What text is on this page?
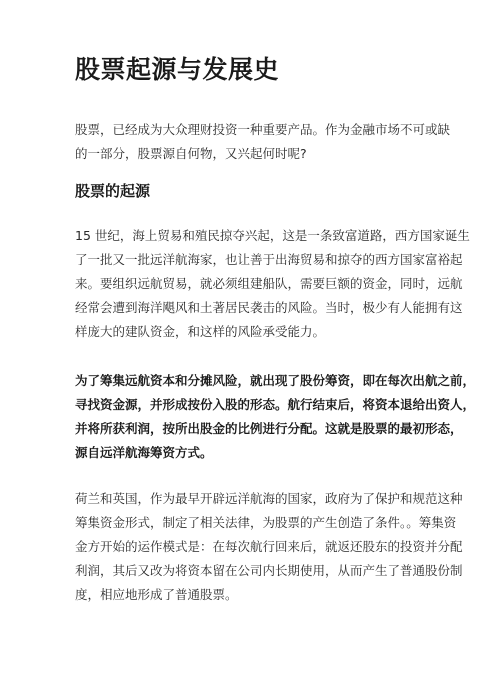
股票起源与发展史
股票，已经成为大众理财投资一种重要产品。作为金融市场不可或缺
的一部分，股票源自何物，又兴起何时呢?
股票的起源
15 世纪，海上贸易和殖民掠夺兴起，这是一条致富道路，西方国家诞生
了一批又一批远洋航海家，也让善于出海贸易和掠夺的西方国家富裕起
来。要组织远航贸易，就必须组建船队，需要巨额的资金，同时，远航
经常会遭到海洋飓风和土著居民袭击的风险。当时，极少有人能拥有这
样庞大的建队资金，和这样的风险承受能力。
为了筹集远航资本和分摊风险，就出现了股份筹资，即在每次出航之前，
寻找资金源，并形成按份入股的形态。航行结束后，将资本退给出资人，
并将所获利润，按所出股金的比例进行分配。这就是股票的最初形态，
源自远洋航海筹资方式。
荷兰和英国，作为最早开辟远洋航海的国家，政府为了保护和规范这种
筹集资金形式，制定了相关法律，为股票的产生创造了条件。。筹集资
金方开始的运作模式是：在每次航行回来后，就返还股东的投资并分配
利润，其后又改为将资本留在公司内长期使用，从而产生了普通股份制
度，相应地形成了普通股票。
